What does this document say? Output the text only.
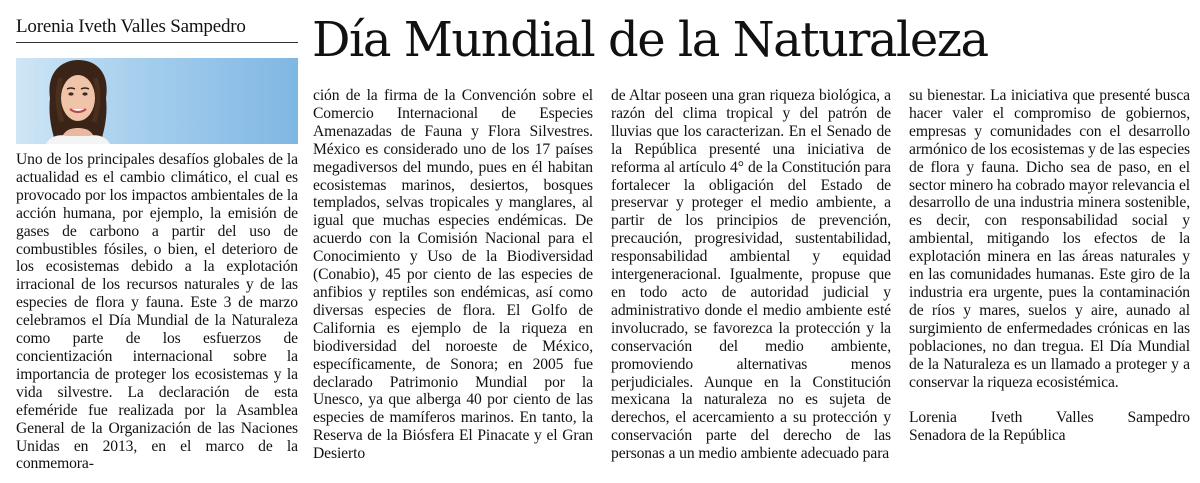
Lorenia Iveth Valles Sampedro	Día Mundial de la Naturaleza
Uno de los principales desafíos globales de la actualidad es el cambio climático, el cual es provocado por los impactos ambientales de la acción humana, por ejemplo, la emisión de gases de carbono a partir del uso de combustibles fósiles, o bien, el deterioro de los ecosistemas debido a la explotación irracional de los recursos naturales y de las especies de flora y fauna. Este 3 de marzo celebramos el Día Mundial de la Naturaleza como parte de los esfuerzos de concientización internacional sobre la importancia de proteger los ecosistemas y la vida silvestre. La declaración de esta efeméride fue realizada por la Asamblea General de la Organización de las Naciones Unidas en 2013, en el marco de la conmemora-
ción de la firma de la Convención sobre el Comercio Internacional de Especies Amenazadas de Fauna y Flora Silvestres. México es considerado uno de los 17 países megadiversos del mundo, pues en él habitan ecosistemas marinos, desiertos, bosques templados, selvas tropicales y manglares, al igual que muchas especies endémicas. De acuerdo con la Comisión Nacional para el Conocimiento y Uso de la Biodiversidad (Conabio), 45 por ciento de las especies de anfibios y reptiles son endémicas, así como diversas especies de flora. El Golfo de California es ejemplo de la riqueza en biodiversidad del noroeste de México, específicamente, de Sonora; en 2005 fue declarado Patrimonio Mundial por la Unesco, ya que alberga 40 por ciento de las especies de mamíferos marinos. En tanto, la Reserva de la Biósfera El Pinacate y el Gran Desierto
de Altar poseen una gran riqueza biológica, a razón del clima tropical y del patrón de lluvias que los caracterizan. En el Senado de la República presenté una iniciativa de reforma al artículo 4° de la Constitución para fortalecer la obligación del Estado de preservar y proteger el medio ambiente, a partir de los principios de prevención, precaución, progresividad, sustentabilidad, responsabilidad ambiental y equidad intergeneracional. Igualmente, propuse que en todo acto de autoridad judicial y administrativo donde el medio ambiente esté involucrado, se favorezca la protección y la conservación del medio ambiente, promoviendo alternativas menos perjudiciales. Aunque en la Constitución mexicana la naturaleza no es sujeta de derechos, el acercamiento a su protección y conservación parte del derecho de las personas a un medio ambiente adecuado para
su bienestar. La iniciativa que presenté busca hacer valer el compromiso de gobiernos, empresas y comunidades con el desarrollo armónico de los ecosistemas y de las especies de flora y fauna. Dicho sea de paso, en el sector minero ha cobrado mayor relevancia el desarrollo de una industria minera sostenible, es decir, con responsabilidad social y ambiental, mitigando los efectos de la explotación minera en las áreas naturales y en las comunidades humanas. Este giro de la industria era urgente, pues la contaminación de ríos y mares, suelos y aire, aunado al surgimiento de enfermedades crónicas en las poblaciones, no dan tregua. El Día Mundial de la Naturaleza es un llamado a proteger y a conservar la riqueza ecosistémica.
Lorenia Iveth Valles Sampedro
Senadora de la República
